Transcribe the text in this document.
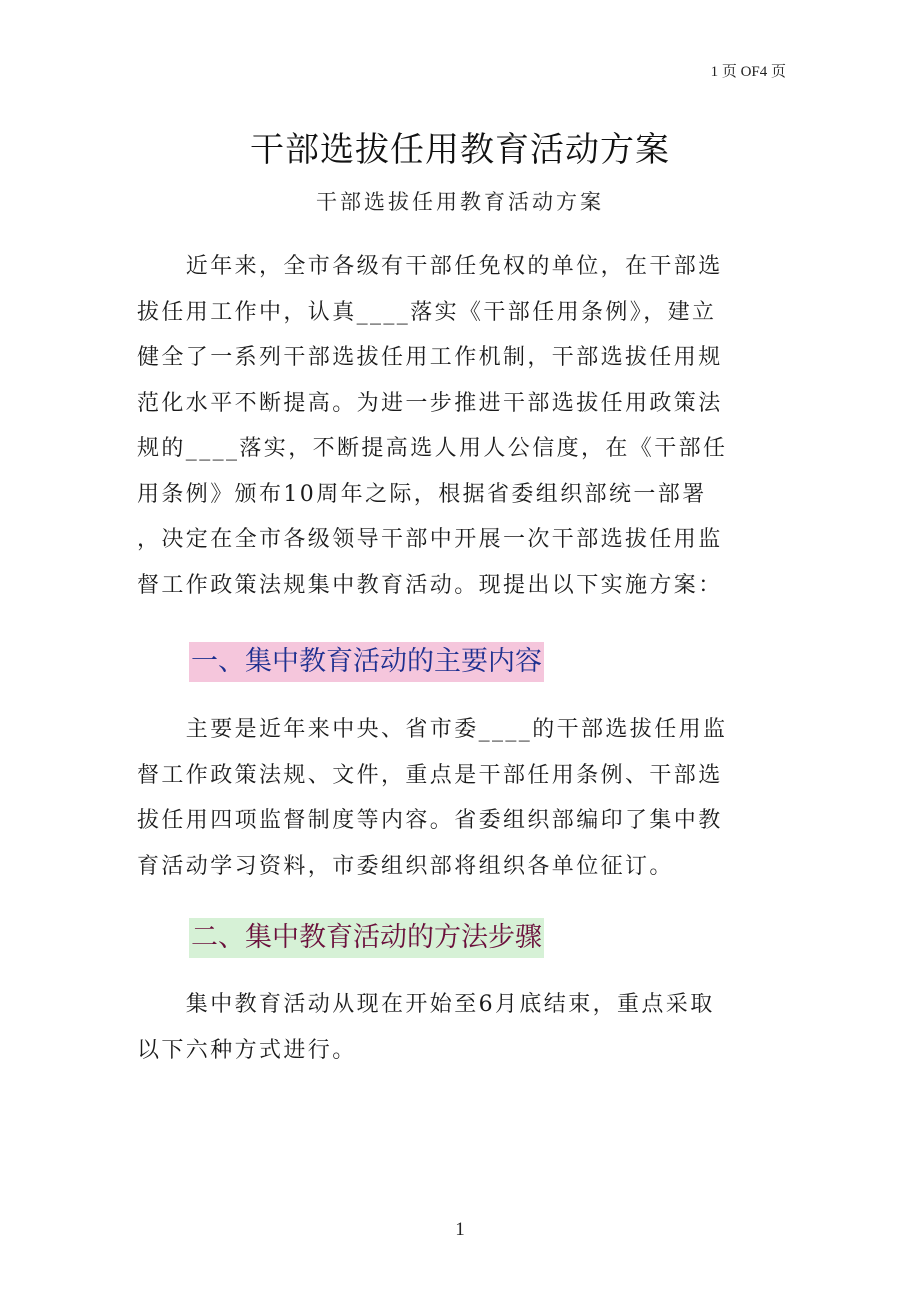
1 页 OF4 页
干部选拔任用教育活动方案
干部选拔任用教育活动方案
　　近年来，全市各级有干部任免权的单位，在干部选
拔任用工作中，认真____落实《干部任用条例》，建立
健全了一系列干部选拔任用工作机制，干部选拔任用规
范化水平不断提高。为进一步推进干部选拔任用政策法
规的____落实，不断提高选人用人公信度，在《干部任
用条例》颁布10周年之际，根据省委组织部统一部署
，决定在全市各级领导干部中开展一次干部选拔任用监
督工作政策法规集中教育活动。现提出以下实施方案：
一、集中教育活动的主要内容
　　主要是近年来中央、省市委____的干部选拔任用监
督工作政策法规、文件，重点是干部任用条例、干部选
拔任用四项监督制度等内容。省委组织部编印了集中教
育活动学习资料，市委组织部将组织各单位征订。
二、集中教育活动的方法步骤
　　集中教育活动从现在开始至6月底结束，重点采取
以下六种方式进行。
1
